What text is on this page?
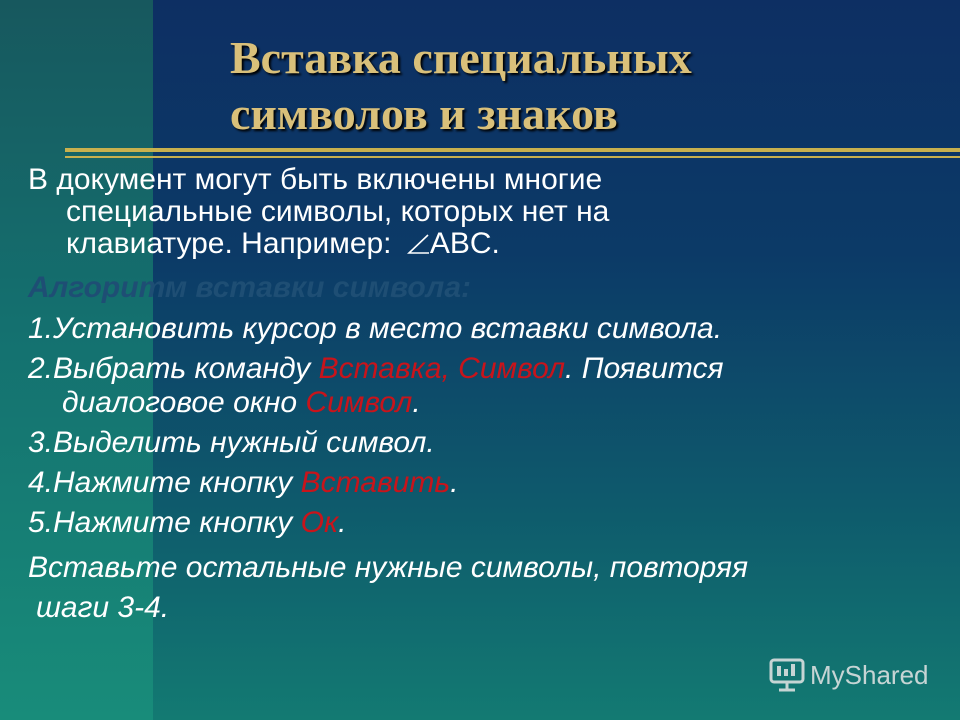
Вставка специальных
символов и знаков

В документ могут быть включены многие
специальные символы, которых нет на
клавиатуре. Например: ABC.

Алгоритм вставки символа:

1.Установить курсор в место вставки символа.

2.Выбрать команду Вставка, Символ. Появится
диалоговое окно Символ.

3.Выделить нужный символ.

4.Нажмите кнопку Вставить.

5.Нажмите кнопку Ок.

Вставьте остальные нужные символы, повторяя
шаги 3-4.

MyShared
